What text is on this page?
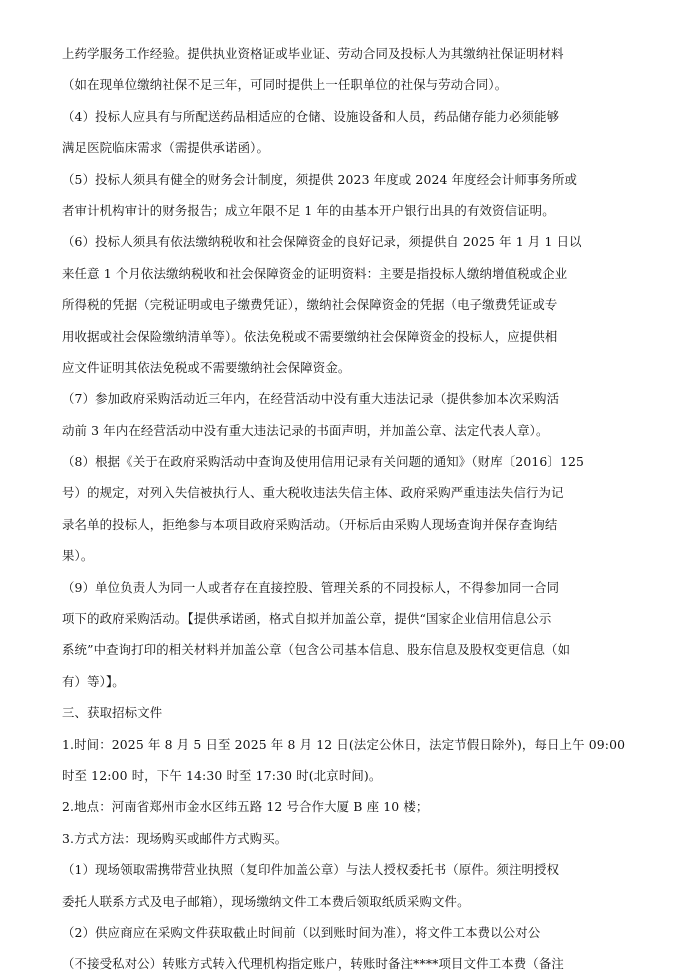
上药学服务工作经验。提供执业资格证或毕业证、劳动合同及投标人为其缴纳社保证明材料
（如在现单位缴纳社保不足三年，可同时提供上一任职单位的社保与劳动合同）。
（4）投标人应具有与所配送药品相适应的仓储、设施设备和人员，药品储存能力必须能够
满足医院临床需求（需提供承诺函）。
（5）投标人须具有健全的财务会计制度，须提供 2023 年度或 2024 年度经会计师事务所或
者审计机构审计的财务报告；成立年限不足 1 年的由基本开户银行出具的有效资信证明。
（6）投标人须具有依法缴纳税收和社会保障资金的良好记录，须提供自 2025 年 1 月 1 日以
来任意 1 个月依法缴纳税收和社会保障资金的证明资料：主要是指投标人缴纳增值税或企业
所得税的凭据（完税证明或电子缴费凭证），缴纳社会保障资金的凭据（电子缴费凭证或专
用收据或社会保险缴纳清单等）。依法免税或不需要缴纳社会保障资金的投标人，应提供相
应文件证明其依法免税或不需要缴纳社会保障资金。
（7）参加政府采购活动近三年内，在经营活动中没有重大违法记录（提供参加本次采购活
动前 3 年内在经营活动中没有重大违法记录的书面声明，并加盖公章、法定代表人章）。
（8）根据《关于在政府采购活动中查询及使用信用记录有关问题的通知》（财库〔2016〕125
号）的规定，对列入失信被执行人、重大税收违法失信主体、政府采购严重违法失信行为记
录名单的投标人，拒绝参与本项目政府采购活动。（开标后由采购人现场查询并保存查询结
果）。
（9）单位负责人为同一人或者存在直接控股、管理关系的不同投标人，不得参加同一合同
项下的政府采购活动。【提供承诺函，格式自拟并加盖公章，提供“国家企业信用信息公示
系统”中查询打印的相关材料并加盖公章（包含公司基本信息、股东信息及股权变更信息（如
有）等）】。
三、获取招标文件
1.时间：2025 年 8 月 5 日至 2025 年 8 月 12 日(法定公休日，法定节假日除外)，每日上午 09:00
时至 12:00 时，下午 14:30 时至 17:30 时(北京时间)。
2.地点：河南省郑州市金水区纬五路 12 号合作大厦 B 座 10 楼；
3.方式方法：现场购买或邮件方式购买。
（1）现场领取需携带营业执照（复印件加盖公章）与法人授权委托书（原件。须注明授权
委托人联系方式及电子邮箱），现场缴纳文件工本费后领取纸质采购文件。
（2）供应商应在采购文件获取截止时间前（以到账时间为准），将文件工本费以公对公
（不接受私对公）转账方式转入代理机构指定账户，转账时备注****项目文件工本费（备注
